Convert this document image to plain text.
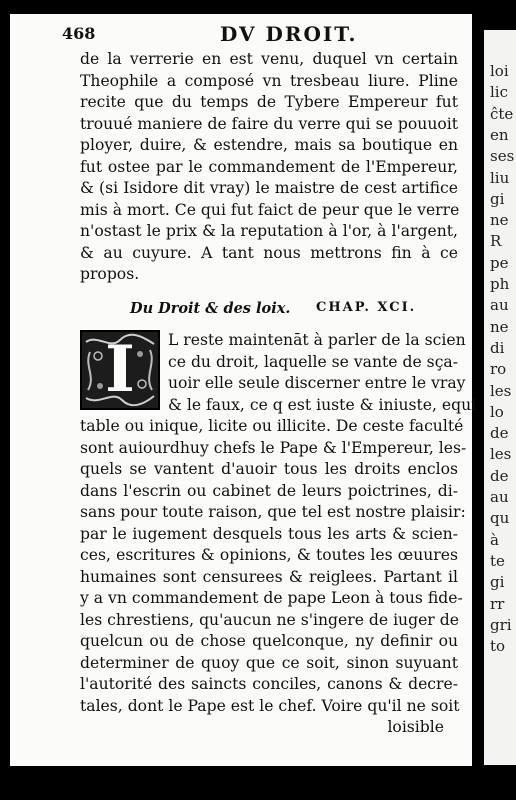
loi
lic
ĉte
en
ses
liu
gi
ne
R
pe
ph
au
ne
di
ro
les
lo
de
les
de
au
qu
à
te
gi
rr
gri
to
468	DV DROIT.
de la verrerie en est venu, duquel vn certain
Theophile a composé vn tresbeau liure. Pline
recite que du temps de Tybere Empereur fut
trouué maniere de faire du verre qui se pouuoit
ployer, duire, & estendre, mais sa boutique en
fut ostee par le commandement de l'Empereur,
& (si Isidore dit vray) le maistre de cest artifice
mis à mort. Ce qui fut faict de peur que le verre
n'ostast le prix & la reputation à l'or, à l'argent,
& au cuyure. A tant nous mettrons fin à ce
propos.
Du Droit & des loix. CHAP. XCI.
I	L reste maintenāt à parler de la scien
ce du droit, laquelle se vante de sça-
uoir elle seule discerner entre le vray
& le faux, ce q est iuste & iniuste, equi
table ou inique, licite ou illicite. De ceste faculté
sont auiourdhuy chefs le Pape & l'Empereur, les-
quels se vantent d'auoir tous les droits enclos
dans l'escrin ou cabinet de leurs poictrines, di-
sans pour toute raison, que tel est nostre plaisir:
par le iugement desquels tous les arts & scien-
ces, escritures & opinions, & toutes les œuures
humaines sont censurees & reiglees. Partant il
y a vn commandement de pape Leon à tous fide-
les chrestiens, qu'aucun ne s'ingere de iuger de
quelcun ou de chose quelconque, ny definir ou
determiner de quoy que ce soit, sinon suyuant
l'autorité des saincts conciles, canons & decre-
tales, dont le Pape est le chef. Voire qu'il ne soit
loisible
